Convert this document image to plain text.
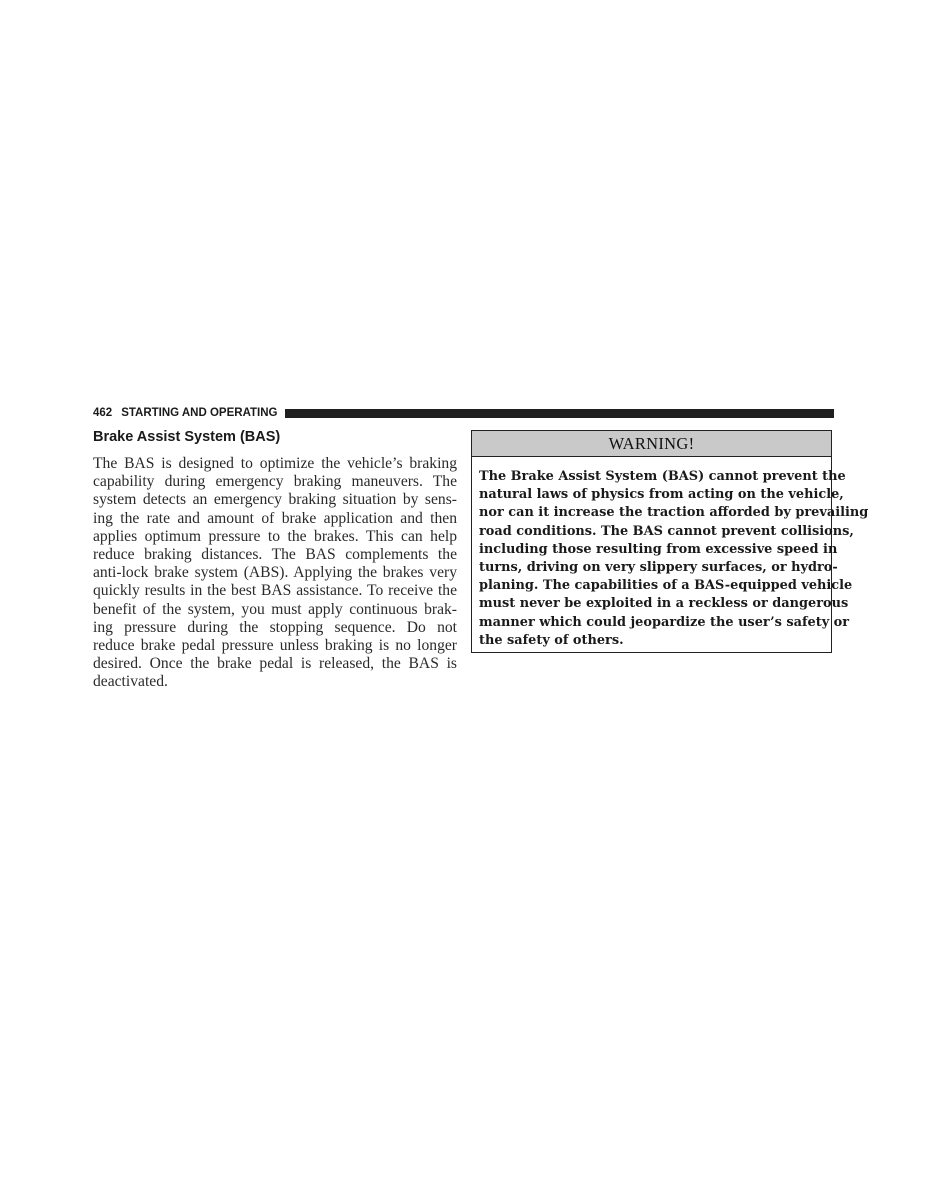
462 STARTING AND OPERATING
Brake Assist System (BAS)

The BAS is designed to optimize the vehicle’s braking
capability during emergency braking maneuvers. The
system detects an emergency braking situation by sens-
ing the rate and amount of brake application and then
applies optimum pressure to the brakes. This can help
reduce braking distances. The BAS complements the
anti-lock brake system (ABS). Applying the brakes very
quickly results in the best BAS assistance. To receive the
benefit of the system, you must apply continuous brak-
ing pressure during the stopping sequence. Do not
reduce brake pedal pressure unless braking is no longer
desired. Once the brake pedal is released, the BAS is
deactivated.

WARNING!

The Brake Assist System (BAS) cannot prevent the
natural laws of physics from acting on the vehicle,
nor can it increase the traction afforded by prevailing
road conditions. The BAS cannot prevent collisions,
including those resulting from excessive speed in
turns, driving on very slippery surfaces, or hydro-
planing. The capabilities of a BAS-equipped vehicle
must never be exploited in a reckless or dangerous
manner which could jeopardize the user’s safety or
the safety of others.
